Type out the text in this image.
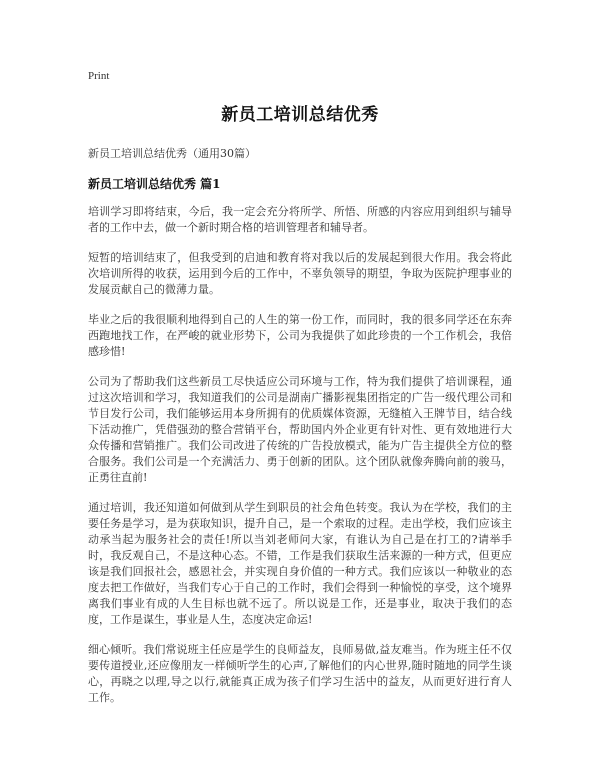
Print
新员工培训总结优秀
新员工培训总结优秀（通用30篇）
新员工培训总结优秀 篇1

培训学习即将结束，今后，我一定会充分将所学、所悟、所感的内容应用到组织与辅导者的工作中去，做一个新时期合格的培训管理者和辅导者。

短暂的培训结束了，但我受到的启迪和教育将对我以后的发展起到很大作用。我会将此次培训所得的收获，运用到今后的工作中，不辜负领导的期望，争取为医院护理事业的发展贡献自己的微薄力量。

毕业之后的我很顺利地得到自己的人生的第一份工作，而同时，我的很多同学还在东奔西跑地找工作，在严峻的就业形势下，公司为我提供了如此珍贵的一个工作机会，我倍感珍惜!

公司为了帮助我们这些新员工尽快适应公司环境与工作，特为我们提供了培训课程，通过这次培训和学习，我知道我们的公司是湖南广播影视集团指定的广告一级代理公司和节目发行公司，我们能够运用本身所拥有的优质媒体资源，无缝植入王牌节目，结合线下活动推广，凭借强劲的整合营销平台，帮助国内外企业更有针对性、更有效地进行大众传播和营销推广。我们公司改进了传统的广告投放模式，能为广告主提供全方位的整合服务。我们公司是一个充满活力、勇于创新的团队。这个团队就像奔腾向前的骏马，正勇往直前!

通过培训，我还知道如何做到从学生到职员的社会角色转变。我认为在学校，我们的主要任务是学习，是为获取知识，提升自己，是一个索取的过程。走出学校，我们应该主动承当起为服务社会的责任!所以当刘老师问大家，有谁认为自己是在打工的?请举手时，我反观自己，不是这种心态。不错，工作是我们获取生活来源的一种方式，但更应该是我们回报社会，感恩社会，并实现自身价值的一种方式。我们应该以一种敬业的态度去把工作做好，当我们专心于自己的工作时，我们会得到一种愉悦的享受，这个境界离我们事业有成的人生目标也就不远了。所以说是工作，还是事业，取决于我们的态度，工作是谋生，事业是人生，态度决定命运!

细心倾听。我们常说班主任应是学生的良师益友，良师易做,益友难当。作为班主任不仅要传道授业,还应像朋友一样倾听学生的心声,了解他们的内心世界,随时随地的同学生谈心，再晓之以理,导之以行,就能真正成为孩子们学习生活中的益友，从而更好进行育人工作。
